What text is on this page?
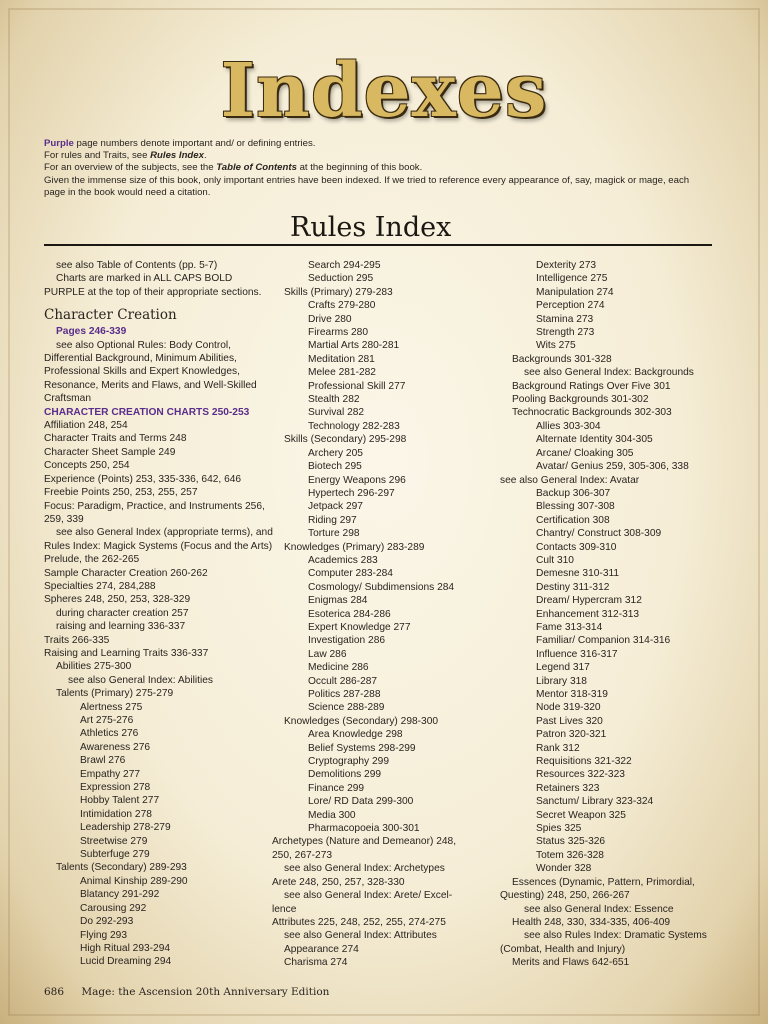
Indexes
Purple page numbers denote important and/ or defining entries.
For rules and Traits, see Rules Index.
For an overview of the subjects, see the Table of Contents at the beginning of this book.
Given the immense size of this book, only important entries have been indexed. If we tried to reference every appearance of, say, magick or mage, each
page in the book would need a citation.
Rules Index
see also Table of Contents (pp. 5-7)
Charts are marked in ALL CAPS BOLD
PURPLE at the top of their appropriate sections.
Character Creation
Pages 246-339
see also Optional Rules: Body Control,
Differential Background, Minimum Abilities,
Professional Skills and Expert Knowledges,
Resonance, Merits and Flaws, and Well-Skilled
Craftsman
CHARACTER CREATION CHARTS 250-253
Affiliation 248, 254
Character Traits and Terms 248
Character Sheet Sample 249
Concepts 250, 254
Experience (Points) 253, 335-336, 642, 646
Freebie Points 250, 253, 255, 257
Focus: Paradigm, Practice, and Instruments 256,
259, 339
see also General Index (appropriate terms), and
Rules Index: Magick Systems (Focus and the Arts)
Prelude, the 262-265
Sample Character Creation 260-262
Specialties 274, 284,288
Spheres 248, 250, 253, 328-329
during character creation 257
raising and learning 336-337
Traits 266-335
Raising and Learning Traits 336-337
Abilities 275-300
see also General Index: Abilities
Talents (Primary) 275-279
Alertness 275
Art 275-276
Athletics 276
Awareness 276
Brawl 276
Empathy 277
Expression 278
Hobby Talent 277
Intimidation 278
Leadership 278-279
Streetwise 279
Subterfuge 279
Talents (Secondary) 289-293
Animal Kinship 289-290
Blatancy 291-292
Carousing 292
Do 292-293
Flying 293
High Ritual 293-294
Lucid Dreaming 294
Search 294-295
Seduction 295
Skills (Primary) 279-283
Crafts 279-280
Drive 280
Firearms 280
Martial Arts 280-281
Meditation 281
Melee 281-282
Professional Skill 277
Stealth 282
Survival 282
Technology 282-283
Skills (Secondary) 295-298
Archery 205
Biotech 295
Energy Weapons 296
Hypertech 296-297
Jetpack 297
Riding 297
Torture 298
Knowledges (Primary) 283-289
Academics 283
Computer 283-284
Cosmology/ Subdimensions 284
Enigmas 284
Esoterica 284-286
Expert Knowledge 277
Investigation 286
Law 286
Medicine 286
Occult 286-287
Politics 287-288
Science 288-289
Knowledges (Secondary) 298-300
Area Knowledge 298
Belief Systems 298-299
Cryptography 299
Demolitions 299
Finance 299
Lore/ RD Data 299-300
Media 300
Pharmacopoeia 300-301
Archetypes (Nature and Demeanor) 248,
250, 267-273
see also General Index: Archetypes
Arete 248, 250, 257, 328-330
see also General Index: Arete/ Excel-
lence
Attributes 225, 248, 252, 255, 274-275
see also General Index: Attributes
Appearance 274
Charisma 274
Dexterity 273
Intelligence 275
Manipulation 274
Perception 274
Stamina 273
Strength 273
Wits 275
Backgrounds 301-328
see also General Index: Backgrounds
Background Ratings Over Five 301
Pooling Backgrounds 301-302
Technocratic Backgrounds 302-303
Allies 303-304
Alternate Identity 304-305
Arcane/ Cloaking 305
Avatar/ Genius 259, 305-306, 338
see also General Index: Avatar
Backup 306-307
Blessing 307-308
Certification 308
Chantry/ Construct 308-309
Contacts 309-310
Cult 310
Demesne 310-311
Destiny 311-312
Dream/ Hypercram 312
Enhancement 312-313
Fame 313-314
Familiar/ Companion 314-316
Influence 316-317
Legend 317
Library 318
Mentor 318-319
Node 319-320
Past Lives 320
Patron 320-321
Rank 312
Requisitions 321-322
Resources 322-323
Retainers 323
Sanctum/ Library 323-324
Secret Weapon 325
Spies 325
Status 325-326
Totem 326-328
Wonder 328
Essences (Dynamic, Pattern, Primordial,
Questing) 248, 250, 266-267
see also General Index: Essence
Health 248, 330, 334-335, 406-409
see also Rules Index: Dramatic Systems
(Combat, Health and Injury)
Merits and Flaws 642-651
686 Mage: the Ascension 20th Anniversary Edition
